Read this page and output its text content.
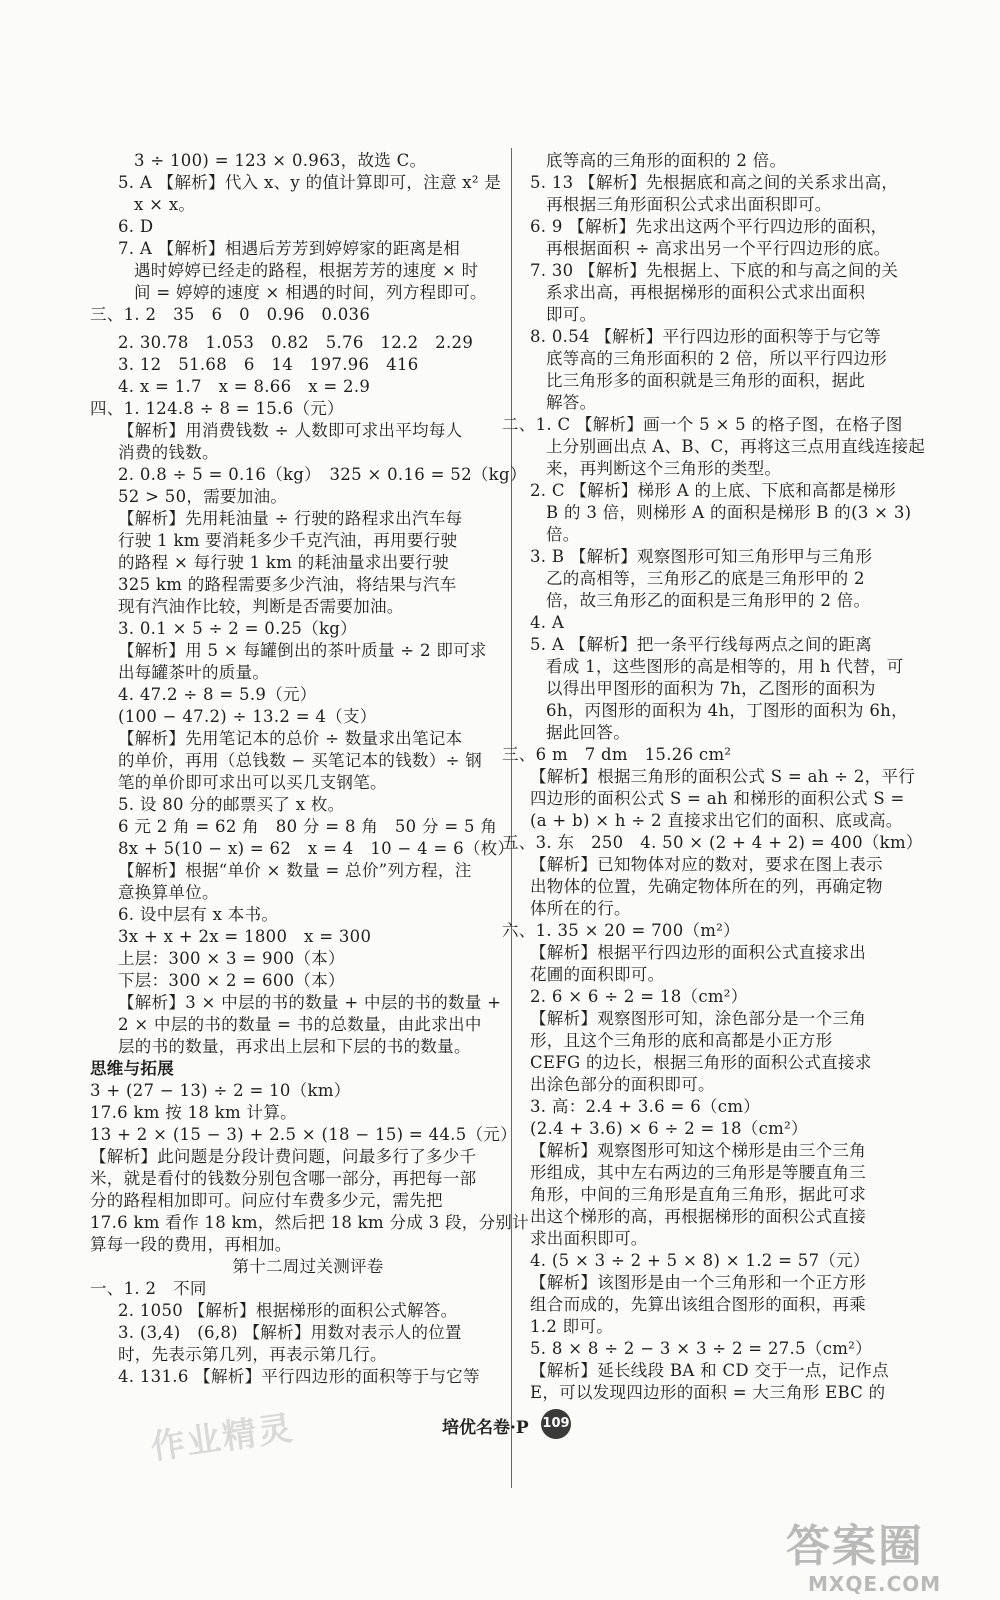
3 ÷ 100) = 123 × 0.963，故选 C。
5. A 【解析】代入 x、y 的值计算即可，注意 x² 是
x × x。
6. D
7. A 【解析】相遇后芳芳到婷婷家的距离是相
遇时婷婷已经走的路程，根据芳芳的速度 × 时
间 = 婷婷的速度 × 相遇的时间，列方程即可。
三、1. 2　35　6　0　0.96　0.036
2. 30.78　1.053　0.82　5.76　12.2　2.29
3. 12　51.68　6　14　197.96　416
4. x = 1.7　x = 8.66　x = 2.9
四、1. 124.8 ÷ 8 = 15.6（元）
【解析】用消费钱数 ÷ 人数即可求出平均每人
消费的钱数。
2. 0.8 ÷ 5 = 0.16（kg）　325 × 0.16 = 52（kg）
52 > 50，需要加油。
【解析】先用耗油量 ÷ 行驶的路程求出汽车每
行驶 1 km 要消耗多少千克汽油，再用要行驶
的路程 × 每行驶 1 km 的耗油量求出要行驶
325 km 的路程需要多少汽油，将结果与汽车
现有汽油作比较，判断是否需要加油。
3. 0.1 × 5 ÷ 2 = 0.25（kg）
【解析】用 5 × 每罐倒出的茶叶质量 ÷ 2 即可求
出每罐茶叶的质量。
4. 47.2 ÷ 8 = 5.9（元）
(100 − 47.2) ÷ 13.2 = 4（支）
【解析】先用笔记本的总价 ÷ 数量求出笔记本
的单价，再用（总钱数 − 买笔记本的钱数）÷ 钢
笔的单价即可求出可以买几支钢笔。
5. 设 80 分的邮票买了 x 枚。
6 元 2 角 = 62 角　80 分 = 8 角　50 分 = 5 角
8x + 5(10 − x) = 62　x = 4　10 − 4 = 6（枚）
【解析】根据“单价 × 数量 = 总价”列方程，注
意换算单位。
6. 设中层有 x 本书。
3x + x + 2x = 1800　x = 300
上层：300 × 3 = 900（本）
下层：300 × 2 = 600（本）
【解析】3 × 中层的书的数量 + 中层的书的数量 +
2 × 中层的书的数量 = 书的总数量，由此求出中
层的书的数量，再求出上层和下层的书的数量。
思维与拓展
3 + (27 − 13) ÷ 2 = 10（km）
17.6 km 按 18 km 计算。
13 + 2 × (15 − 3) + 2.5 × (18 − 15) = 44.5（元）
【解析】此问题是分段计费问题，问最多行了多少千
米，就是看付的钱数分别包含哪一部分，再把每一部
分的路程相加即可。问应付车费多少元，需先把
17.6 km 看作 18 km，然后把 18 km 分成 3 段，分别计
算每一段的费用，再相加。
第十二周过关测评卷
一、1. 2　不同
2. 1050 【解析】根据梯形的面积公式解答。
3. (3,4)　(6,8) 【解析】用数对表示人的位置
时，先表示第几列，再表示第几行。
4. 131.6 【解析】平行四边形的面积等于与它等
底等高的三角形的面积的 2 倍。
5. 13 【解析】先根据底和高之间的关系求出高，
再根据三角形面积公式求出面积即可。
6. 9 【解析】先求出这两个平行四边形的面积，
再根据面积 ÷ 高求出另一个平行四边形的底。
7. 30 【解析】先根据上、下底的和与高之间的关
系求出高，再根据梯形的面积公式求出面积
即可。
8. 0.54 【解析】平行四边形的面积等于与它等
底等高的三角形面积的 2 倍，所以平行四边形
比三角形多的面积就是三角形的面积，据此
解答。
二、1. C 【解析】画一个 5 × 5 的格子图，在格子图
上分别画出点 A、B、C，再将这三点用直线连接起
来，再判断这个三角形的类型。
2. C 【解析】梯形 A 的上底、下底和高都是梯形
B 的 3 倍，则梯形 A 的面积是梯形 B 的(3 × 3)
倍。
3. B 【解析】观察图形可知三角形甲与三角形
乙的高相等，三角形乙的底是三角形甲的 2
倍，故三角形乙的面积是三角形甲的 2 倍。
4. A
5. A 【解析】把一条平行线每两点之间的距离
看成 1，这些图形的高是相等的，用 h 代替，可
以得出甲图形的面积为 7h，乙图形的面积为
6h，丙图形的面积为 4h，丁图形的面积为 6h，
据此回答。
三、6 m　7 dm　15.26 cm²
【解析】根据三角形的面积公式 S = ah ÷ 2，平行
四边形的面积公式 S = ah 和梯形的面积公式 S =
(a + b) × h ÷ 2 直接求出它们的面积、底或高。
五、3. 东　250　4. 50 × (2 + 4 + 2) = 400（km）
【解析】已知物体对应的数对，要求在图上表示
出物体的位置，先确定物体所在的列，再确定物
体所在的行。
六、1. 35 × 20 = 700（m²）
【解析】根据平行四边形的面积公式直接求出
花圃的面积即可。
2. 6 × 6 ÷ 2 = 18（cm²）
【解析】观察图形可知，涂色部分是一个三角
形，且这个三角形的底和高都是小正方形
CEFG 的边长，根据三角形的面积公式直接求
出涂色部分的面积即可。
3. 高：2.4 + 3.6 = 6（cm）
(2.4 + 3.6) × 6 ÷ 2 = 18（cm²）
【解析】观察图形可知这个梯形是由三个三角
形组成，其中左右两边的三角形是等腰直角三
角形，中间的三角形是直角三角形，据此可求
出这个梯形的高，再根据梯形的面积公式直接
求出面积即可。
4. (5 × 3 ÷ 2 + 5 × 8) × 1.2 = 57（元）
【解析】该图形是由一个三角形和一个正方形
组合而成的，先算出该组合图形的面积，再乘
1.2 即可。
5. 8 × 8 ÷ 2 − 3 × 3 ÷ 2 = 27.5（cm²）
【解析】延长线段 BA 和 CD 交于一点，记作点
E，可以发现四边形的面积 = 大三角形 EBC 的
作业精灵	培优名卷·P 109
答案圈
MXQE.COM
